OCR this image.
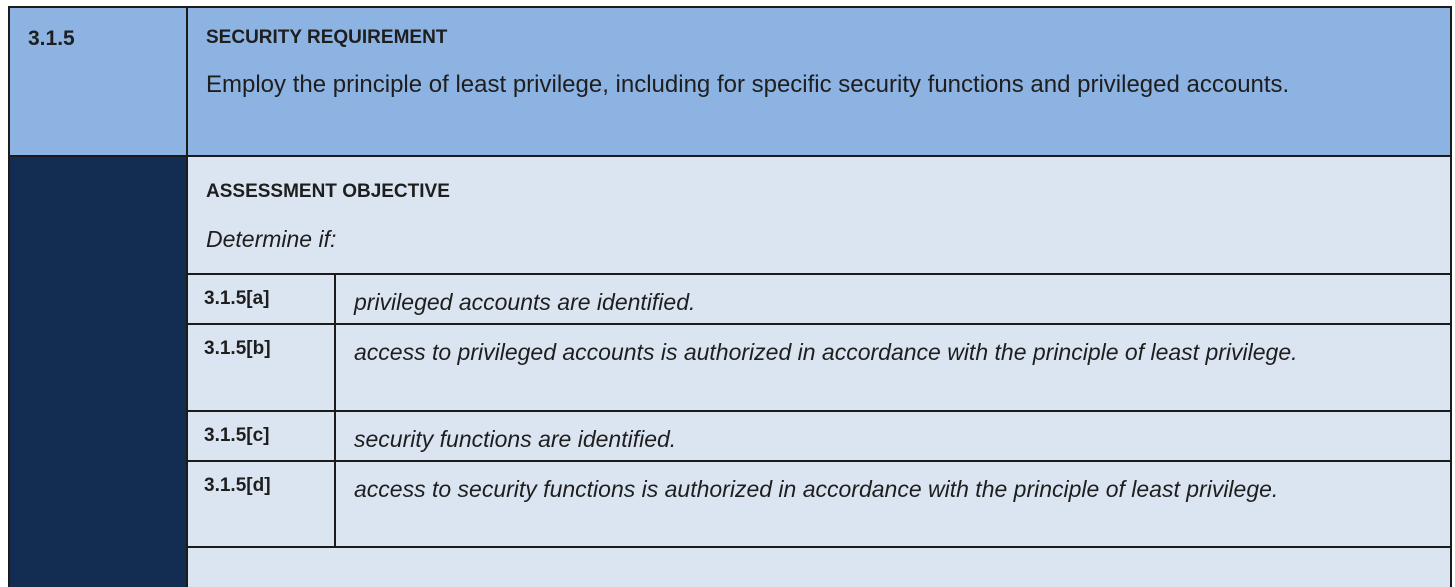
3.1.5	SECURITY REQUIREMENT
Employ the principle of least privilege, including for specific security functions and privileged accounts.
ASSESSMENT OBJECTIVE
Determine if:
3.1.5[a]	privileged accounts are identified.
3.1.5[b]	access to privileged accounts is authorized in accordance with the principle of least privilege.
3.1.5[c]	security functions are identified.
3.1.5[d]	access to security functions is authorized in accordance with the principle of least privilege.
